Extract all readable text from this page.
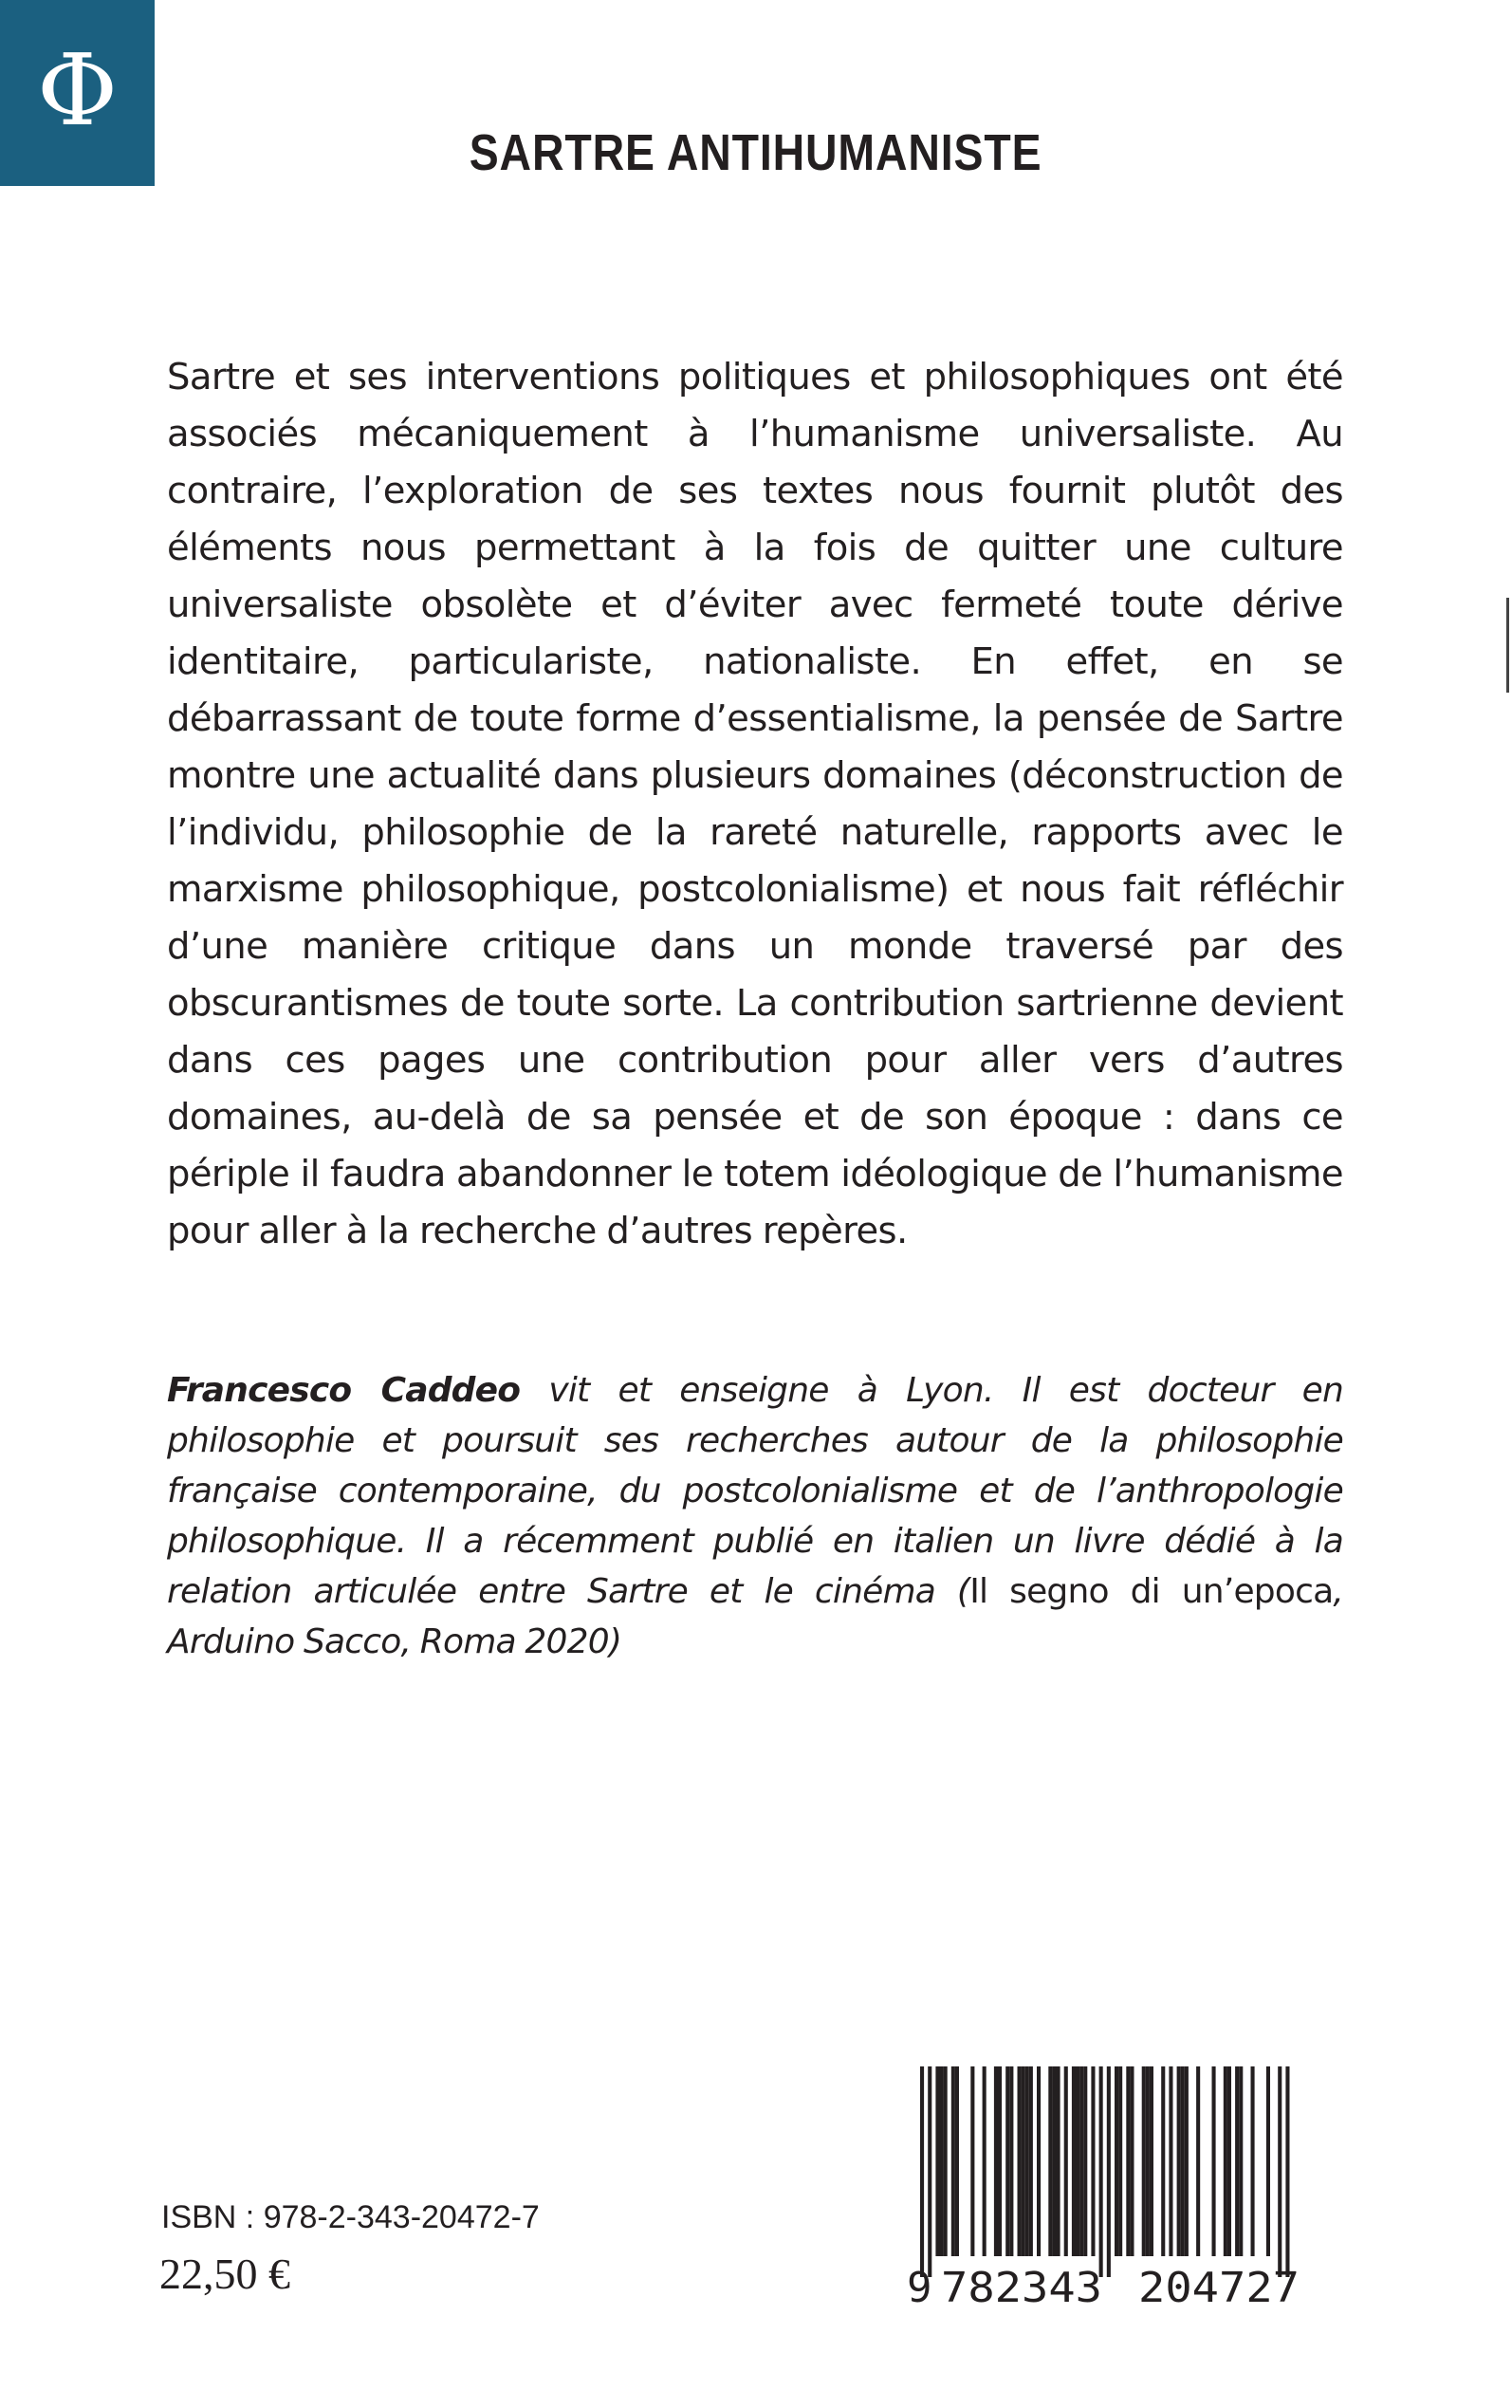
Φ
SARTRE ANTIHUMANISTE

Sartre et ses interventions politiques et philosophiques ont été associés mécaniquement à l’humanisme universaliste. Au contraire, l’exploration de ses textes nous fournit plutôt des éléments nous permettant à la fois de quitter une culture universaliste obsolète et d’éviter avec fermeté toute dérive identitaire, particulariste, nationaliste. En effet, en se débarrassant de toute forme d’essentialisme, la pensée de Sartre montre une actualité dans plusieurs domaines (déconstruction de l’individu, philosophie de la rareté naturelle, rapports avec le marxisme philosophique, postcolonialisme) et nous fait réfléchir d’une manière critique dans un monde traversé par des obscurantismes de toute sorte. La contribution sartrienne devient dans ces pages une contribution pour aller vers d’autres domaines, au-delà de sa pensée et de son époque : dans ce périple il faudra abandonner le totem idéologique de l’humanisme pour aller à la recherche d’autres repères.

Francesco Caddeo vit et enseigne à Lyon. Il est docteur en philosophie et poursuit ses recherches autour de la philosophie française contemporaine, du postcolonialisme et de l’anthropologie philosophique. Il a récemment publié en italien un livre dédié à la relation articulée entre Sartre et le cinéma (Il segno di un’epoca, Arduino Sacco, Roma 2020)

ISBN : 978-2-343-20472-7

22,50 €	9 782343 204727
